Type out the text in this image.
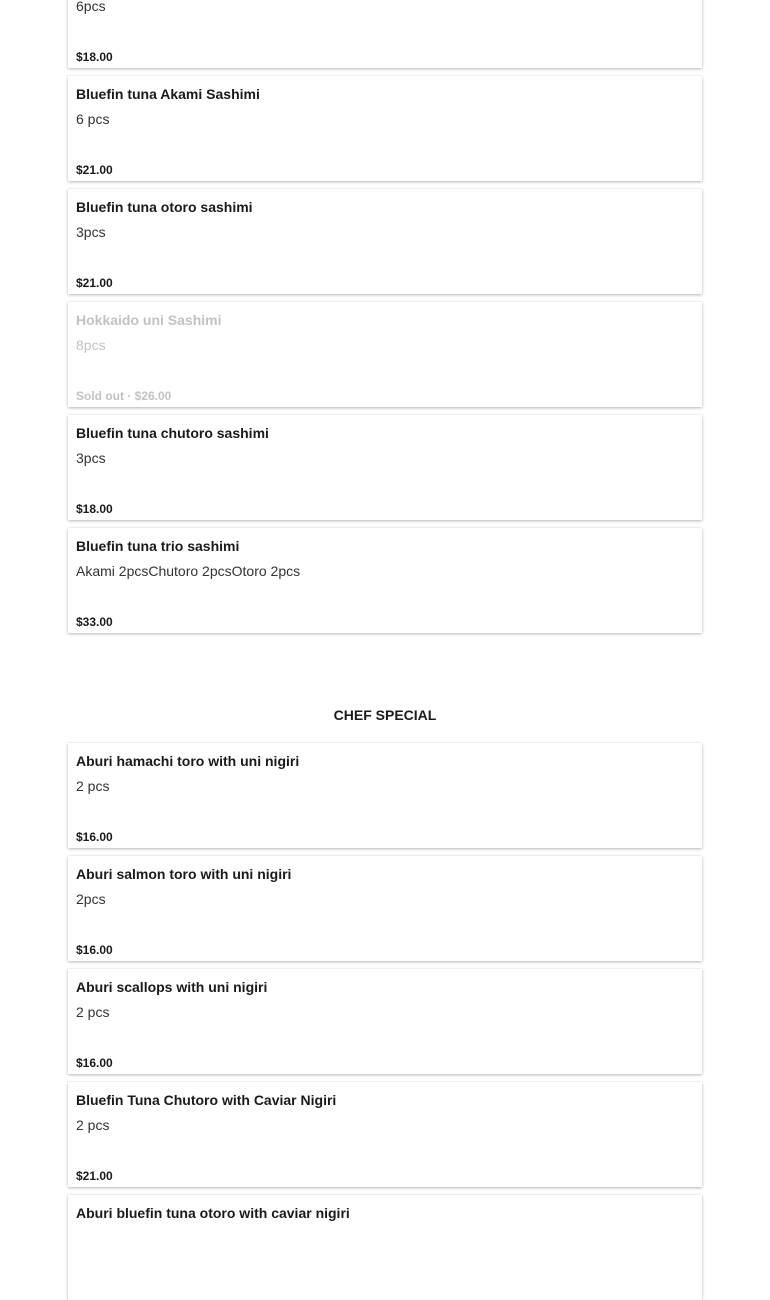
6pcs
$18.00
Bluefin tuna Akami Sashimi
6 pcs
$21.00
Bluefin tuna otoro sashimi
3pcs
$21.00
Hokkaido uni Sashimi
8pcs
Sold out · $26.00
Bluefin tuna chutoro sashimi
3pcs
$18.00
Bluefin tuna trio sashimi
Akami 2pcsChutoro 2pcsOtoro 2pcs
$33.00
CHEF SPECIAL
Aburi hamachi toro with uni nigiri
2 pcs
$16.00
Aburi salmon toro with uni nigiri
2pcs
$16.00
Aburi scallops with uni nigiri
2 pcs
$16.00
Bluefin Tuna Chutoro with Caviar Nigiri
2 pcs
$21.00
Aburi bluefin tuna otoro with caviar nigiri
